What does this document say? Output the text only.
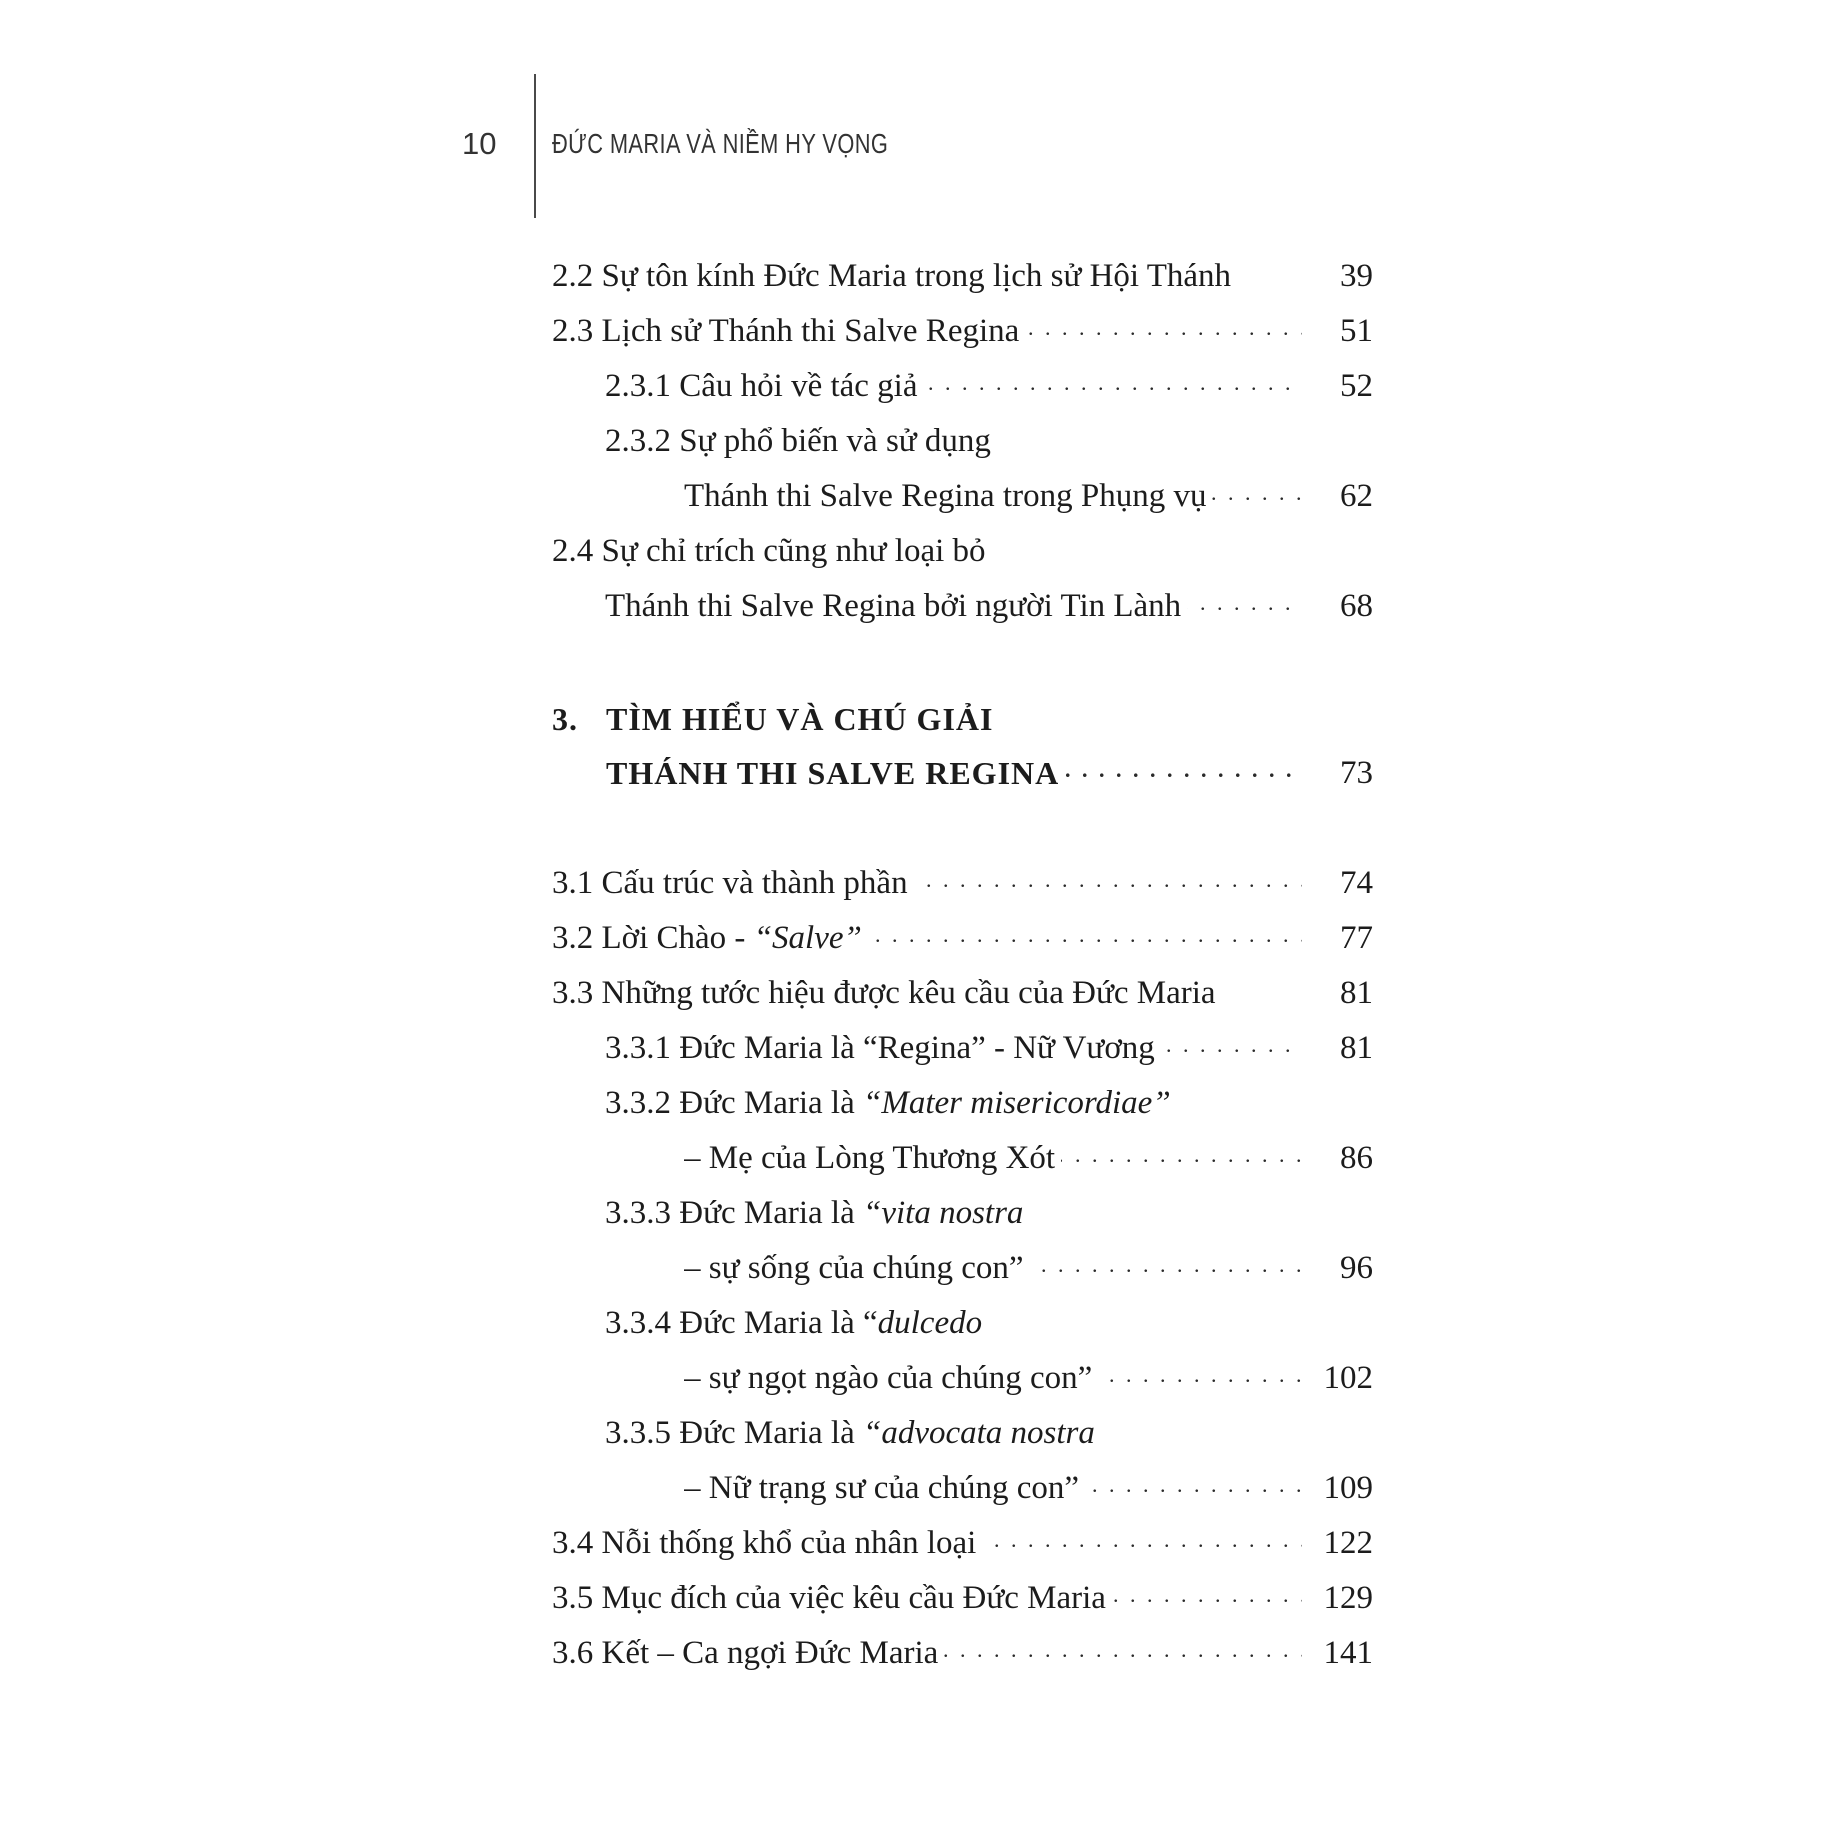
10 ĐỨC MARIA VÀ NIỀM HY VỌNG
2.2 Sự tôn kính Đức Maria trong lịch sử Hội Thánh	39
2.3 Lịch sử Thánh thi Salve Regina . . .	51
2.3.1 Câu hỏi về tác giả . . .	52
2.3.2 Sự phổ biến và sử dụng
Thánh thi Salve Regina trong Phụng vụ . . .	62
2.4 Sự chỉ trích cũng như loại bỏ
Thánh thi Salve Regina bởi người Tin Lành . . .	68
3. TÌM HIỂU VÀ CHÚ GIẢI
THÁNH THI SALVE REGINA . . .	73
3.1 Cấu trúc và thành phần . . .	74
3.2 Lời Chào - “Salve” . . .	77
3.3 Những tước hiệu được kêu cầu của Đức Maria	81
3.3.1 Đức Maria là “Regina” - Nữ Vương . . .	81
3.3.2 Đức Maria là “Mater misericordiae”
– Mẹ của Lòng Thương Xót . . .	86
3.3.3 Đức Maria là “vita nostra
– sự sống của chúng con” . . .	96
3.3.4 Đức Maria là “dulcedo
– sự ngọt ngào của chúng con” . . .	102
3.3.5 Đức Maria là “advocata nostra
– Nữ trạng sư của chúng con” . . .	109
3.4 Nỗi thống khổ của nhân loại . . .	122
3.5 Mục đích của việc kêu cầu Đức Maria . . .	129
3.6 Kết – Ca ngợi Đức Maria . . .	141
